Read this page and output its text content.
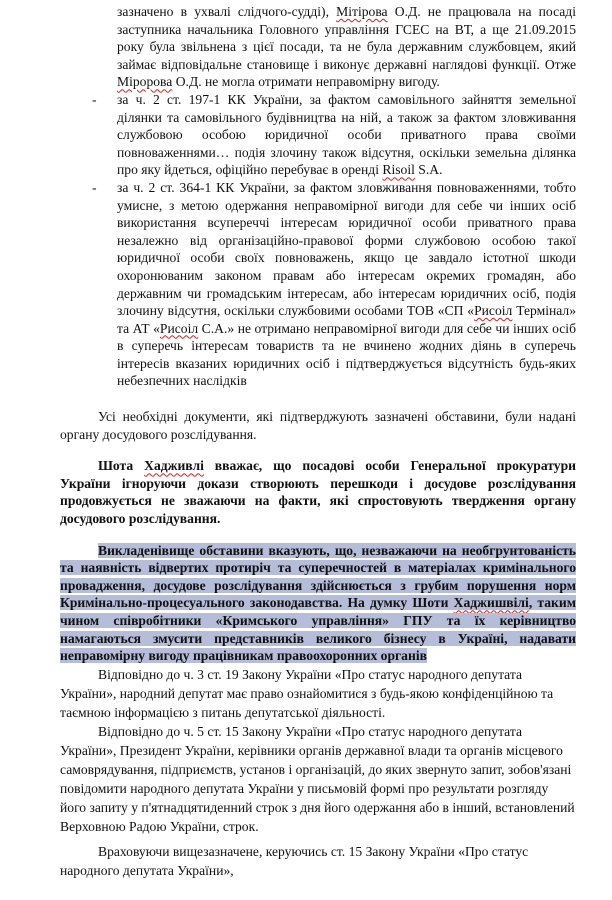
зазначено в ухвалі слідчого-судді), Мітірова О.Д. не працювала на посаді заступника начальника Головного управління ГСЕС на ВТ, а ще 21.09.2015 року була звільнена з цієї посади, та не була державним службовцем, який займає відповідальне становище і виконує державні наглядові функції. Отже Міророва О.Д. не могла отримати неправомірну вигоду.

- за ч. 2 ст. 197-1 КК України, за фактом самовільного зайняття земельної ділянки та самовільного будівництва на ній, а також за фактом зловживання службовою особою юридичної особи приватного права своїми повноваженнями… подія злочину також відсутня, оскільки земельна ділянка про яку йдеться, офіційно перебуває в оренді Risoil S.A.
- за ч. 2 ст. 364-1 КК України, за фактом зловживання повноваженнями, тобто умисне, з метою одержання неправомірної вигоди для себе чи інших осіб використання всупереччі інтересам юридичної особи приватного права незалежно від організаційно-правової форми службовою особою такої юридичної особи своїх повноважень, якщо це завдало істотної шкоди охоронюваним законом правам або інтересам окремих громадян, або державним чи громадським інтересам, або інтересам юридичних осіб, подія злочину відсутня, оскільки службовими особами ТОВ «СП «Рисоіл Термінал» та АТ «Рисоіл С.А.» не отримано неправомірної вигоди для себе чи інших осіб в суперечь інтересам товариств та не вчинено жодних діянь в суперечь інтересів вказаних юридичних осіб і підтверджується відсутність будь-яких небезпечних наслідків

Усі необхідні документи, які підтверджують зазначені обставини, були надані органу досудового розслідування.

Шота Хадживлі вважає, що посадові особи Генеральної прокуратури України ігноруючи докази створюють перешкоди і досудове розслідування продовжується не зважаючи на факти, які спростовують твердження органу досудового розслідування.

Викладенівище обставини вказують, що, незважаючи на необгрунтованість та наявність відвертих протиріч та суперечностей в матеріалах кримінального провадження, досудове розслідування здійснюється з грубим порушення норм Кримінально-процесуального законодавства. На думку Шоти Хаджишвілі, таким чином співробітники «Кримського управління» ГПУ та їх керівництво намагаються змусити представників великого бізнесу в Україні, надавати неправомірну вигоду працівникам правоохоронних органів

Відповідно до ч. 3 ст. 19 Закону України «Про статус народного депутата України», народний депутат має право ознайомитися з будь-якою конфіденційною та таємною інформацією з питань депутатської діяльності.

Відповідно до ч. 5 ст. 15 Закону України «Про статус народного депутата України», Президент України, керівники органів державної влади та органів місцевого самоврядування, підприємств, установ і організацій, до яких звернуто запит, зобов'язані повідомити народного депутата України у письмовій формі про результати розгляду його запиту у п'ятнадцятиденний строк з дня його одержання або в інший, встановлений Верховною Радою України, строк.

Враховуючи вищезазначене, керуючись ст. 15 Закону України «Про статус народного депутата України»,
